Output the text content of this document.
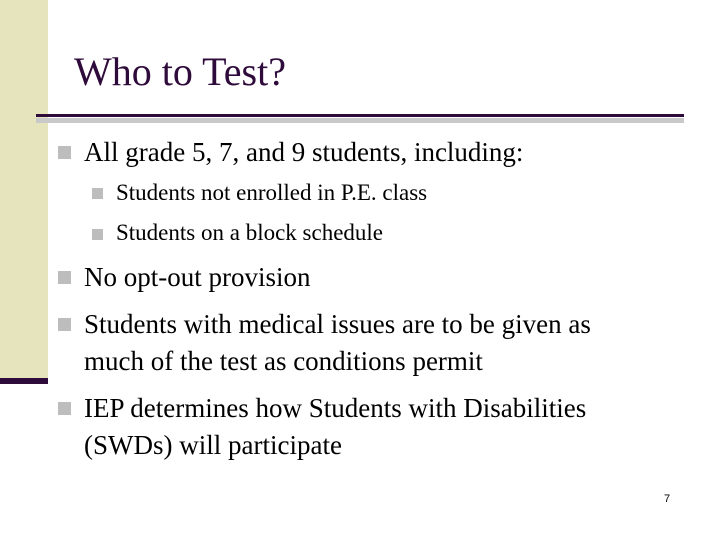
Who to Test?
All grade 5, 7, and 9 students, including:
Students not enrolled in P.E. class
Students on a block schedule
No opt-out provision
Students with medical issues are to be given as
much of the test as conditions permit
IEP determines how Students with Disabilities
(SWDs) will participate
7
